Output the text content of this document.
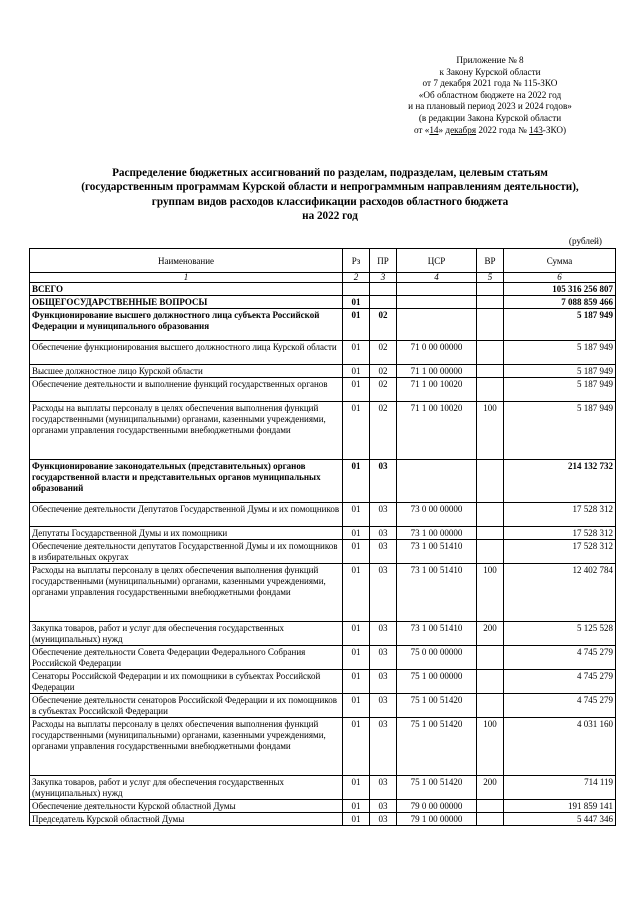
Приложение № 8
к Закону Курской области
от 7 декабря 2021 года № 115-ЗКО
«Об областном бюджете на 2022 год
и на плановый период 2023 и 2024 годов»
(в редакции Закона Курской области
от «14» декабря 2022 года № 143-ЗКО)
Распределение бюджетных ассигнований по разделам, подразделам, целевым статьям
(государственным программам Курской области и непрограммным направлениям деятельности),
группам видов расходов классификации расходов областного бюджета
на 2022 год
(рублей)
Наименование	Рз	ПР	ЦСР	ВР	Сумма
1	2	3	4	5	6
ВСЕГО					105 316 256 807
ОБЩЕГОСУДАРСТВЕННЫЕ ВОПРОСЫ	01				7 088 859 466
Функционирование высшего должностного лица субъекта Российской Федерации и муниципального образования	01	02			5 187 949
Обеспечение функционирования высшего должностного лица Курской области	01	02	71 0 00 00000		5 187 949
Высшее должностное лицо Курской области	01	02	71 1 00 00000		5 187 949
Обеспечение деятельности и выполнение функций государственных органов	01	02	71 1 00 10020		5 187 949
Расходы на выплаты персоналу в целях обеспечения выполнения функций государственными (муниципальными) органами, казенными учреждениями, органами управления государственными внебюджетными фондами	01	02	71 1 00 10020	100	5 187 949
Функционирование законодательных (представительных) органов государственной власти и представительных органов муниципальных образований	01	03			214 132 732
Обеспечение деятельности Депутатов Государственной Думы и их помощников	01	03	73 0 00 00000		17 528 312
Депутаты Государственной Думы и их помощники	01	03	73 1 00 00000		17 528 312
Обеспечение деятельности депутатов Государственной Думы и их помощников в избирательных округах	01	03	73 1 00 51410		17 528 312
Расходы на выплаты персоналу в целях обеспечения выполнения функций государственными (муниципальными) органами, казенными учреждениями, органами управления государственными внебюджетными фондами	01	03	73 1 00 51410	100	12 402 784
Закупка товаров, работ и услуг для обеспечения государственных (муниципальных) нужд	01	03	73 1 00 51410	200	5 125 528
Обеспечение деятельности Совета Федерации Федерального Собрания Российской Федерации	01	03	75 0 00 00000		4 745 279
Сенаторы Российской Федерации и их помощники в субъектах Российской Федерации	01	03	75 1 00 00000		4 745 279
Обеспечение деятельности сенаторов Российской Федерации и их помощников в субъектах Российской Федерации	01	03	75 1 00 51420		4 745 279
Расходы на выплаты персоналу в целях обеспечения выполнения функций государственными (муниципальными) органами, казенными учреждениями, органами управления государственными внебюджетными фондами	01	03	75 1 00 51420	100	4 031 160
Закупка товаров, работ и услуг для обеспечения государственных (муниципальных) нужд	01	03	75 1 00 51420	200	714 119
Обеспечение деятельности Курской областной Думы	01	03	79 0 00 00000		191 859 141
Председатель Курской областной Думы	01	03	79 1 00 00000		5 447 346
